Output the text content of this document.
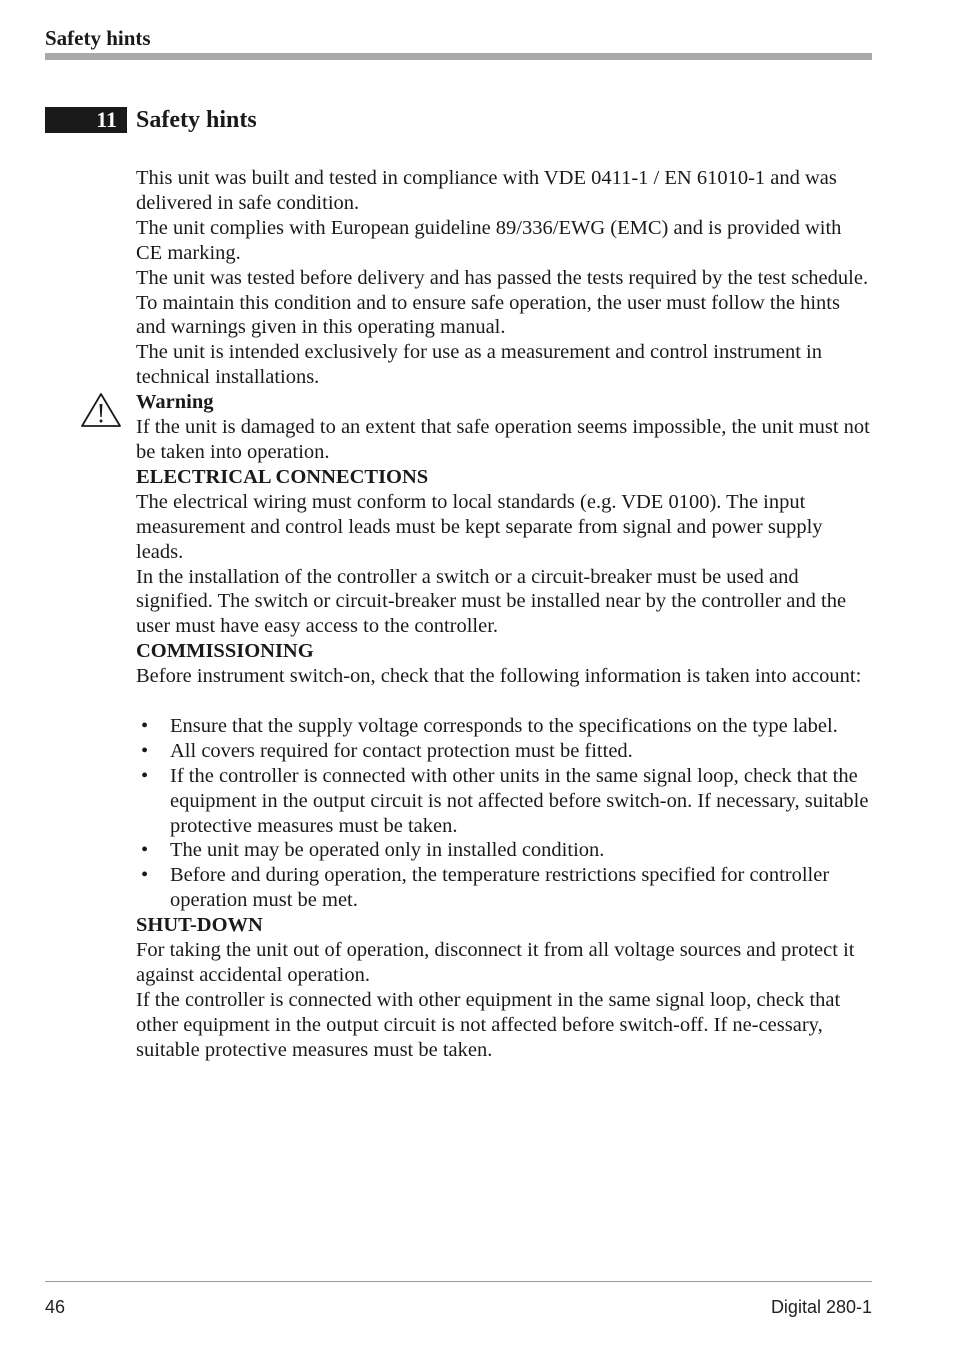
Safety hints
11 Safety hints

This unit was built and tested in compliance with VDE 0411-1 / EN 61010-1 and was delivered in safe condition.

The unit complies with European guideline 89/336/EWG (EMC) and is provided with CE marking.

The unit was tested before delivery and has passed the tests required by the test schedule. To maintain this condition and to ensure safe operation, the user must follow the hints and warnings given in this operating manual.

The unit is intended exclusively for use as a measurement and control instrument in technical installations.

Warning

If the unit is damaged to an extent that safe operation seems impossible, the unit must not be taken into operation.

ELECTRICAL CONNECTIONS

The electrical wiring must conform to local standards (e.g. VDE 0100). The input measurement and control leads must be kept separate from signal and power supply leads.

In the installation of the controller a switch or a circuit-breaker must be used and signified. The switch or circuit-breaker must be installed near by the controller and the user must have easy access to the controller.

COMMISSIONING

Before instrument switch-on, check that the following information is taken into account:

• Ensure that the supply voltage corresponds to the specifications on the type label.
• All covers required for contact protection must be fitted.
• If the controller is connected with other units in the same signal loop, check that the equipment in the output circuit is not affected before switch-on. If necessary, suitable protective measures must be taken.
• The unit may be operated only in installed condition.
• Before and during operation, the temperature restrictions specified for controller operation must be met.

SHUT-DOWN

For taking the unit out of operation, disconnect it from all voltage sources and protect it against accidental operation.

If the controller is connected with other equipment in the same signal loop, check that other equipment in the output circuit is not affected before switch-off. If ne-cessary, suitable protective measures must be taken.

46	Digital 280-1
